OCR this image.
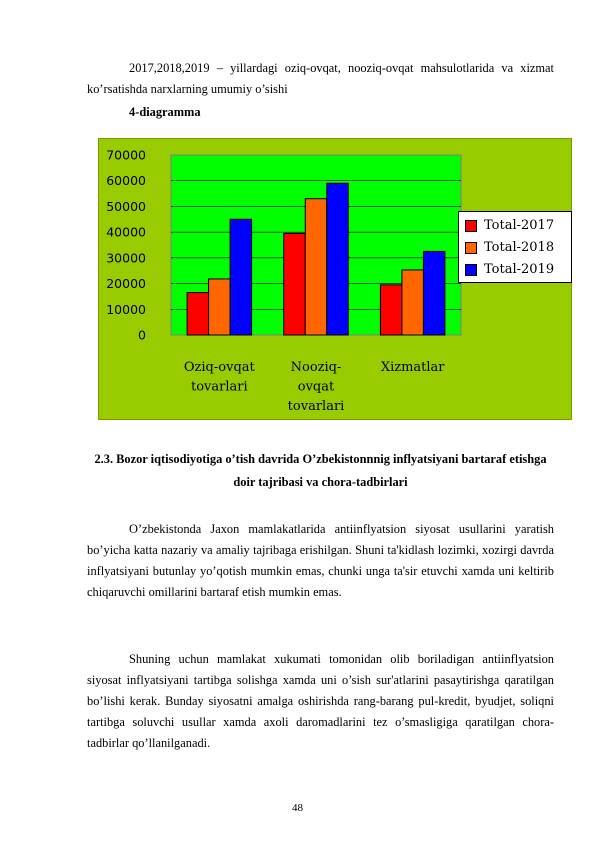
2017,2018,2019 – yillardagi oziq-ovqat, nooziq-ovqat mahsulotlarida va xizmat ko’rsatishda narxlarning umumiy o’sishi
4-diagramma
0
10000
20000
30000
40000
50000
60000
70000
Oziq-ovqat
tovarlari
Nooziq-
ovqat
tovarlari
Xizmatlar
Total-2017
Total-2018
Total-2019
2.3. Bozor iqtisodiyotiga o’tish davrida O’zbekistonnnig inflyatsiyani bartaraf etishga doir tajribasi va chora-tadbirlari
O’zbekistonda Jaxon mamlakatlarida antiinflyatsion siyosat usullarini yaratish bo’yicha katta nazariy va amaliy tajribaga erishilgan. Shuni ta'kidlash lozimki, xozirgi davrda inflyatsiyani butunlay yo’qotish mumkin emas, chunki unga ta'sir etuvchi xamda uni keltirib chiqaruvchi omillarini bartaraf etish mumkin emas.
Shuning uchun mamlakat xukumati tomonidan olib boriladigan antiinflyatsion siyosat inflyatsiyani tartibga solishga xamda uni o’sish sur'atlarini pasaytirishga qaratilgan bo’lishi kerak. Bunday siyosatni amalga oshirishda rang-barang pul-kredit, byudjet, soliqni tartibga soluvchi usullar xamda axoli daromadlarini tez o’smasligiga qaratilgan chora-tadbirlar qo’llanilganadi.
48
